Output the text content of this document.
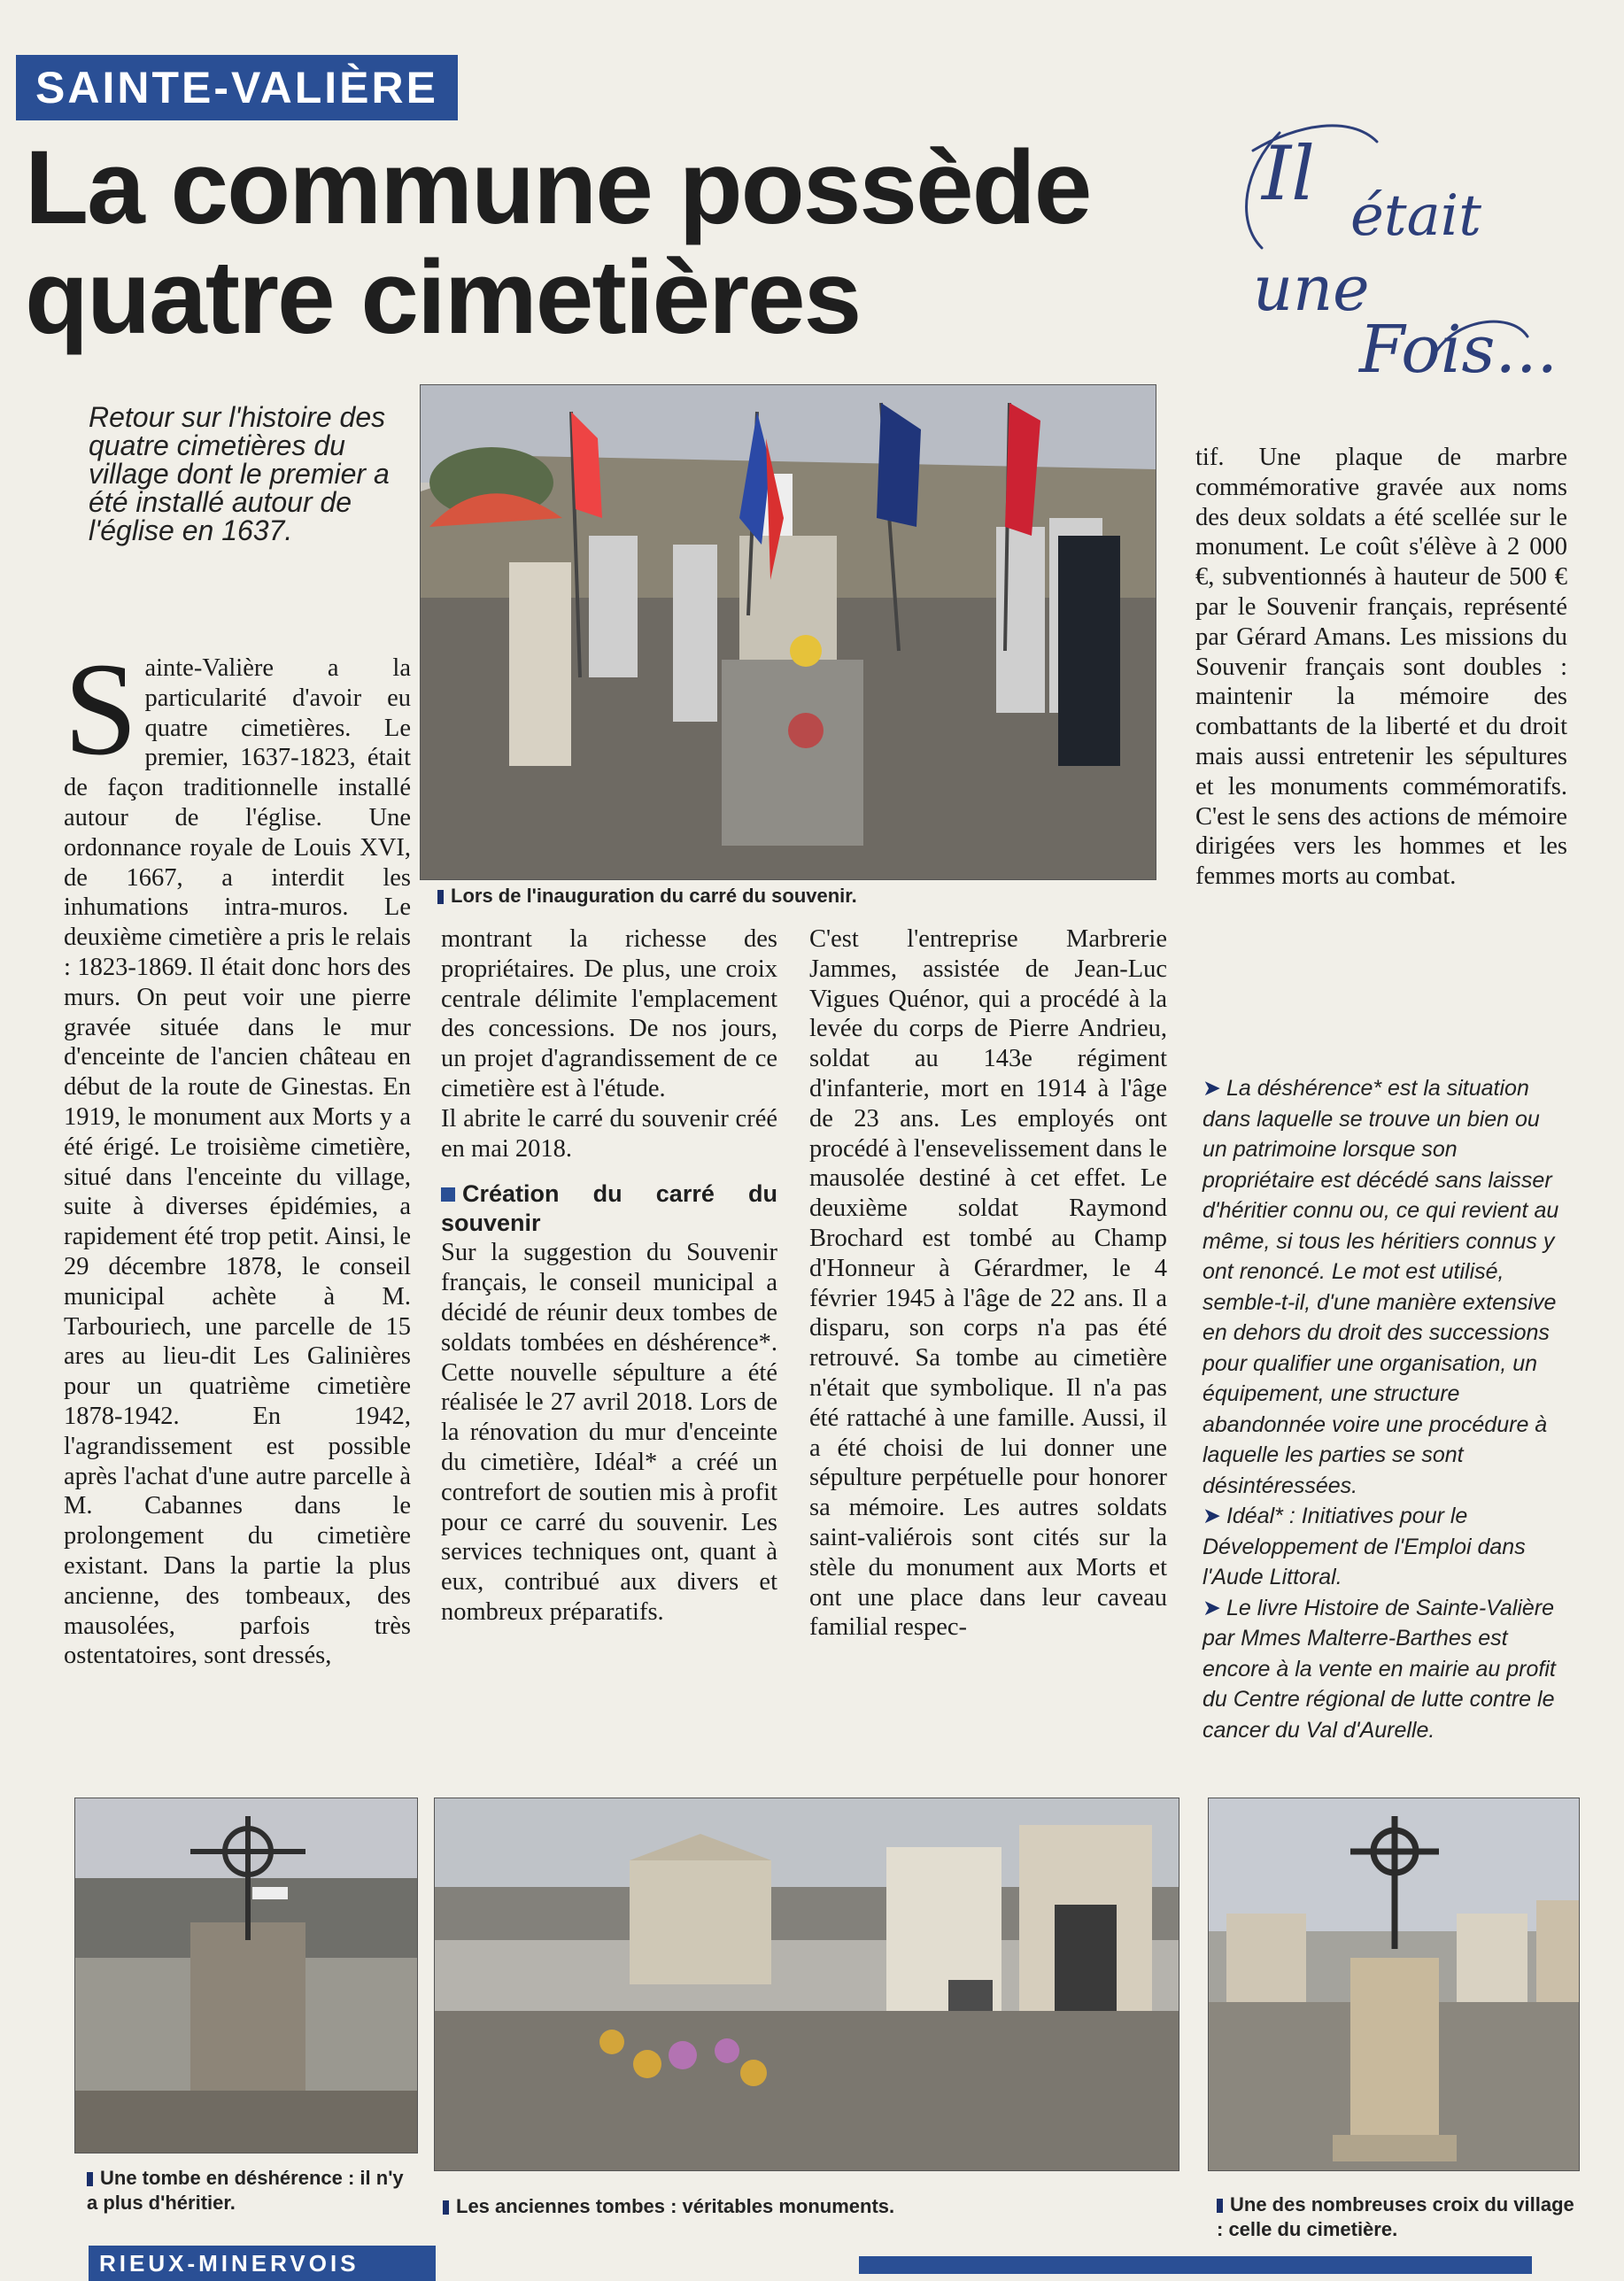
SAINTE-VALIÈRE
La commune possède
quatre cimetières
Il était
une
Fois...
Retour sur l'histoire des quatre cimetières du village dont le premier a été installé autour de l'église en 1637.
Lors de l'inauguration du carré du souvenir.
Sainte-Valière a la particularité d'avoir eu quatre cimetières. Le premier, 1637-1823, était de façon traditionnelle installé autour de l'église. Une ordonnance royale de Louis XVI, de 1667, a interdit les inhumations intra-muros. Le deuxième cimetière a pris le relais : 1823-1869. Il était donc hors des murs. On peut voir une pierre gravée située dans le mur d'enceinte de l'ancien château en début de la route de Ginestas. En 1919, le monument aux Morts y a été érigé. Le troisième cimetière, situé dans l'enceinte du village, suite à diverses épidémies, a rapidement été trop petit. Ainsi, le 29 décembre 1878, le conseil municipal achète à M. Tarbouriech, une parcelle de 15 ares au lieu-dit Les Galinières pour un quatrième cimetière 1878-1942. En 1942, l'agrandissement est possible après l'achat d'une autre parcelle à M. Cabannes dans le prolongement du cimetière existant. Dans la partie la plus ancienne, des tombeaux, des mausolées, parfois très ostentatoires, sont dressés,

montrant la richesse des propriétaires. De plus, une croix centrale délimite l'emplacement des concessions. De nos jours, un projet d'agrandissement de ce cimetière est à l'étude.

Il abrite le carré du souvenir créé en mai 2018.

Création du carré du souvenir

Sur la suggestion du Souvenir français, le conseil municipal a décidé de réunir deux tombes de soldats tombées en déshérence*. Cette nouvelle sépulture a été réalisée le 27 avril 2018. Lors de la rénovation du mur d'enceinte du cimetière, Idéal* a créé un contrefort de soutien mis à profit pour ce carré du souvenir. Les services techniques ont, quant à eux, contribué aux divers et nombreux préparatifs.

C'est l'entreprise Marbrerie Jammes, assistée de Jean-Luc Vigues Quénor, qui a procédé à la levée du corps de Pierre Andrieu, soldat au 143e régiment d'infanterie, mort en 1914 à l'âge de 23 ans. Les employés ont procédé à l'ensevelissement dans le mausolée destiné à cet effet. Le deuxième soldat Raymond Brochard est tombé au Champ d'Honneur à Gérardmer, le 4 février 1945 à l'âge de 22 ans. Il a disparu, son corps n'a pas été retrouvé. Sa tombe au cimetière n'était que symbolique. Il n'a pas été rattaché à une famille. Aussi, il a été choisi de lui donner une sépulture perpétuelle pour honorer sa mémoire. Les autres soldats saint-valiérois sont cités sur la stèle du monument aux Morts et ont une place dans leur caveau familial respec-

tif. Une plaque de marbre commémorative gravée aux noms des deux soldats a été scellée sur le monument. Le coût s'élève à 2 000 €, subventionnés à hauteur de 500 € par le Souvenir français, représenté par Gérard Amans. Les missions du Souvenir français sont doubles : maintenir la mémoire des combattants de la liberté et du droit mais aussi entretenir les sépultures et les monuments commémoratifs. C'est le sens des actions de mémoire dirigées vers les hommes et les femmes morts au combat.

➤ La déshérence* est la situation dans laquelle se trouve un bien ou un patrimoine lorsque son propriétaire est décédé sans laisser d'héritier connu ou, ce qui revient au même, si tous les héritiers connus y ont renoncé. Le mot est utilisé, semble-t-il, d'une manière extensive en dehors du droit des successions pour qualifier une organisation, un équipement, une structure abandonnée voire une procédure à laquelle les parties se sont désintéressées.

➤ Idéal* : Initiatives pour le Développement de l'Emploi dans l'Aude Littoral.

➤ Le livre Histoire de Sainte-Valière par Mmes Malterre-Barthes est encore à la vente en mairie au profit du Centre régional de lutte contre le cancer du Val d'Aurelle.

Une tombe en déshérence : il n'y a plus d'héritier.	Les anciennes tombes : véritables monuments.	Une des nombreuses croix du village : celle du cimetière.
RIEUX-MINERVOIS
